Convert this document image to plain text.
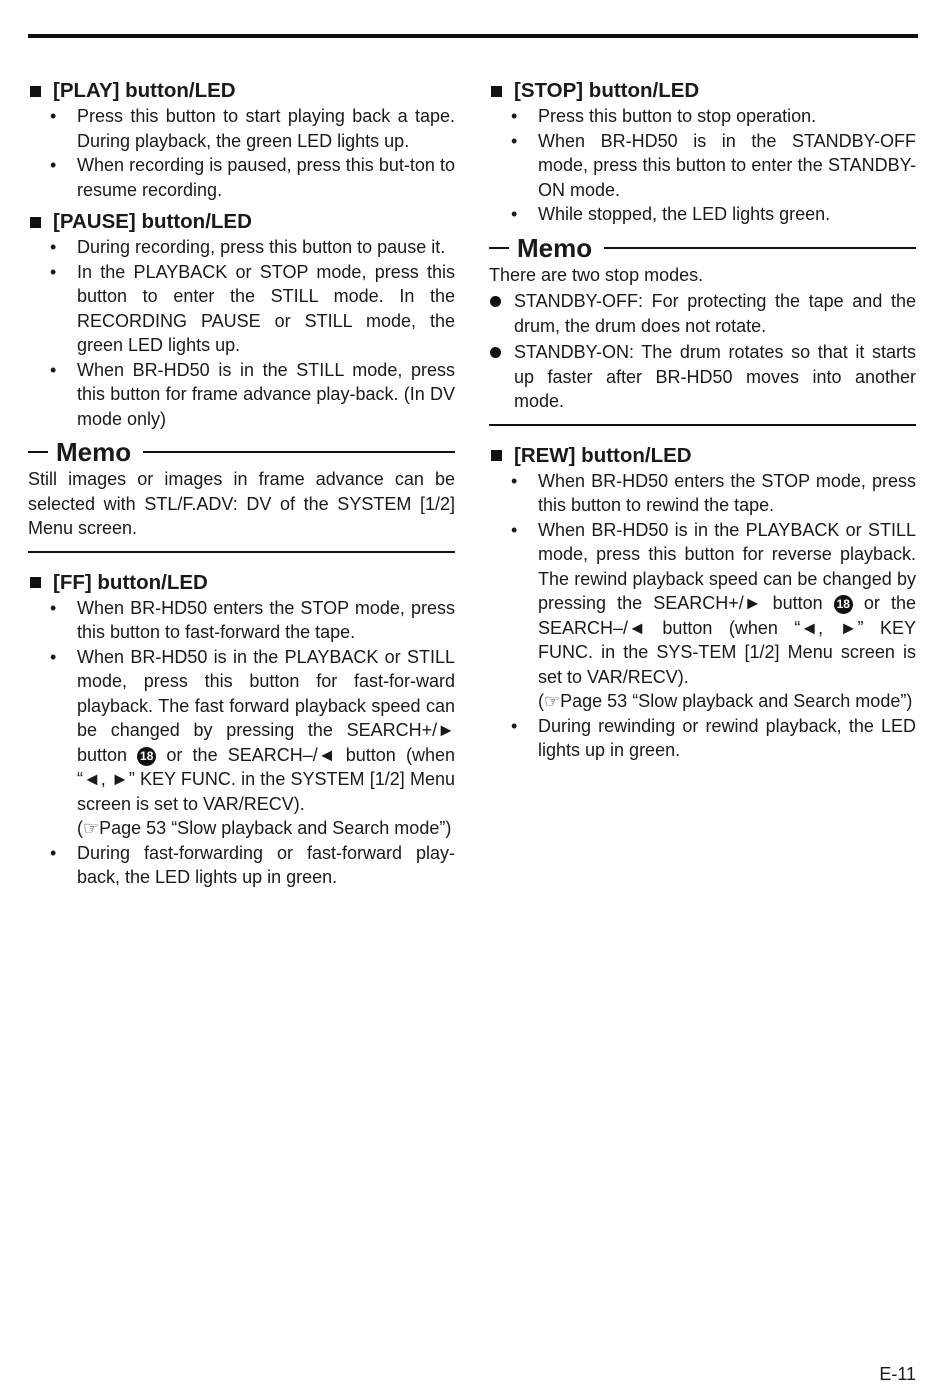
[PLAY] button/LED
• Press this button to start playing back a tape. During playback, the green LED lights up.
• When recording is paused, press this but-ton to resume recording.
[PAUSE] button/LED
• During recording, press this button to pause it.
• In the PLAYBACK or STOP mode, press this button to enter the STILL mode. In the RECORDING PAUSE or STILL mode, the green LED lights up.
• When BR-HD50 is in the STILL mode, press this button for frame advance play-back. (In DV mode only)
Memo

Still images or images in frame advance can be selected with STL/F.ADV: DV of the SYSTEM [1/2] Menu screen.

[FF] button/LED
• When BR-HD50 enters the STOP mode, press this button to fast-forward the tape.
• When BR-HD50 is in the PLAYBACK or STILL mode, press this button for fast-for-ward playback. The fast forward playback speed can be changed by pressing the SEARCH+/► button 18 or the SEARCH–/◄ button (when “◄, ►” KEY FUNC. in the SYSTEM [1/2] Menu screen is set to VAR/RECV).
(☞Page 53 “Slow playback and Search mode”)
• During fast-forwarding or fast-forward play-back, the LED lights up in green.
[STOP] button/LED
• Press this button to stop operation.
• When BR-HD50 is in the STANDBY-OFF mode, press this button to enter the STANDBY-ON mode.
• While stopped, the LED lights green.
Memo

There are two stop modes.

STANDBY-OFF: For protecting the tape and the drum, the drum does not rotate.
STANDBY-ON: The drum rotates so that it starts up faster after BR-HD50 moves into another mode.
[REW] button/LED
• When BR-HD50 enters the STOP mode, press this button to rewind the tape.
• When BR-HD50 is in the PLAYBACK or STILL mode, press this button for reverse playback. The rewind playback speed can be changed by pressing the SEARCH+/► button 18 or the SEARCH–/◄ button (when “◄, ►” KEY FUNC. in the SYS-TEM [1/2] Menu screen is set to VAR/RECV).
(☞Page 53 “Slow playback and Search mode”)
• During rewinding or rewind playback, the LED lights up in green.
E-11
